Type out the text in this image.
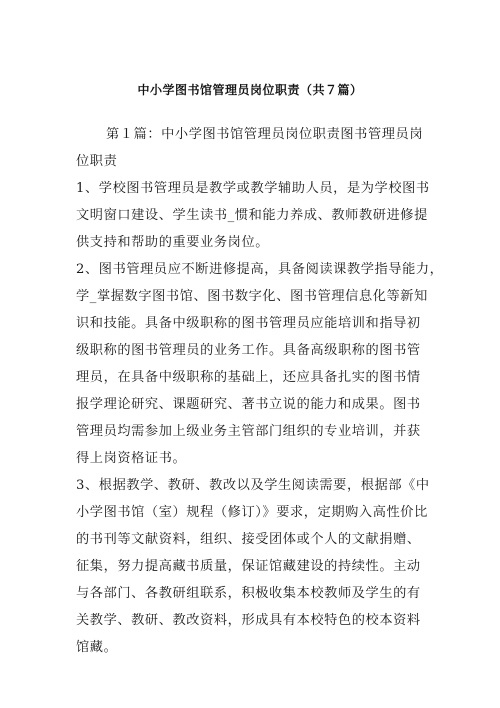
中小学图书馆管理员岗位职责（共７篇）
第１篇：中小学图书馆管理员岗位职责图书管理员岗
位职责
1、学校图书管理员是教学或教学辅助人员，是为学校图书
文明窗口建设、学生读书_惯和能力养成、教师教研进修提
供支持和帮助的重要业务岗位。
2、图书管理员应不断进修提高，具备阅读课教学指导能力，
学_掌握数字图书馆、图书数字化、图书管理信息化等新知
识和技能。具备中级职称的图书管理员应能培训和指导初
级职称的图书管理员的业务工作。具备高级职称的图书管
理员，在具备中级职称的基础上，还应具备扎实的图书情
报学理论研究、课题研究、著书立说的能力和成果。图书
管理员均需参加上级业务主管部门组织的专业培训，并获
得上岗资格证书。
3、根据教学、教研、教改以及学生阅读需要，根据部《中
小学图书馆（室）规程（修订）》要求，定期购入高性价比
的书刊等文献资料，组织、接受团体或个人的文献捐赠、
征集，努力提高藏书质量，保证馆藏建设的持续性。主动
与各部门、各教研组联系，积极收集本校教师及学生的有
关教学、教研、教改资料，形成具有本校特色的校本资料
馆藏。
